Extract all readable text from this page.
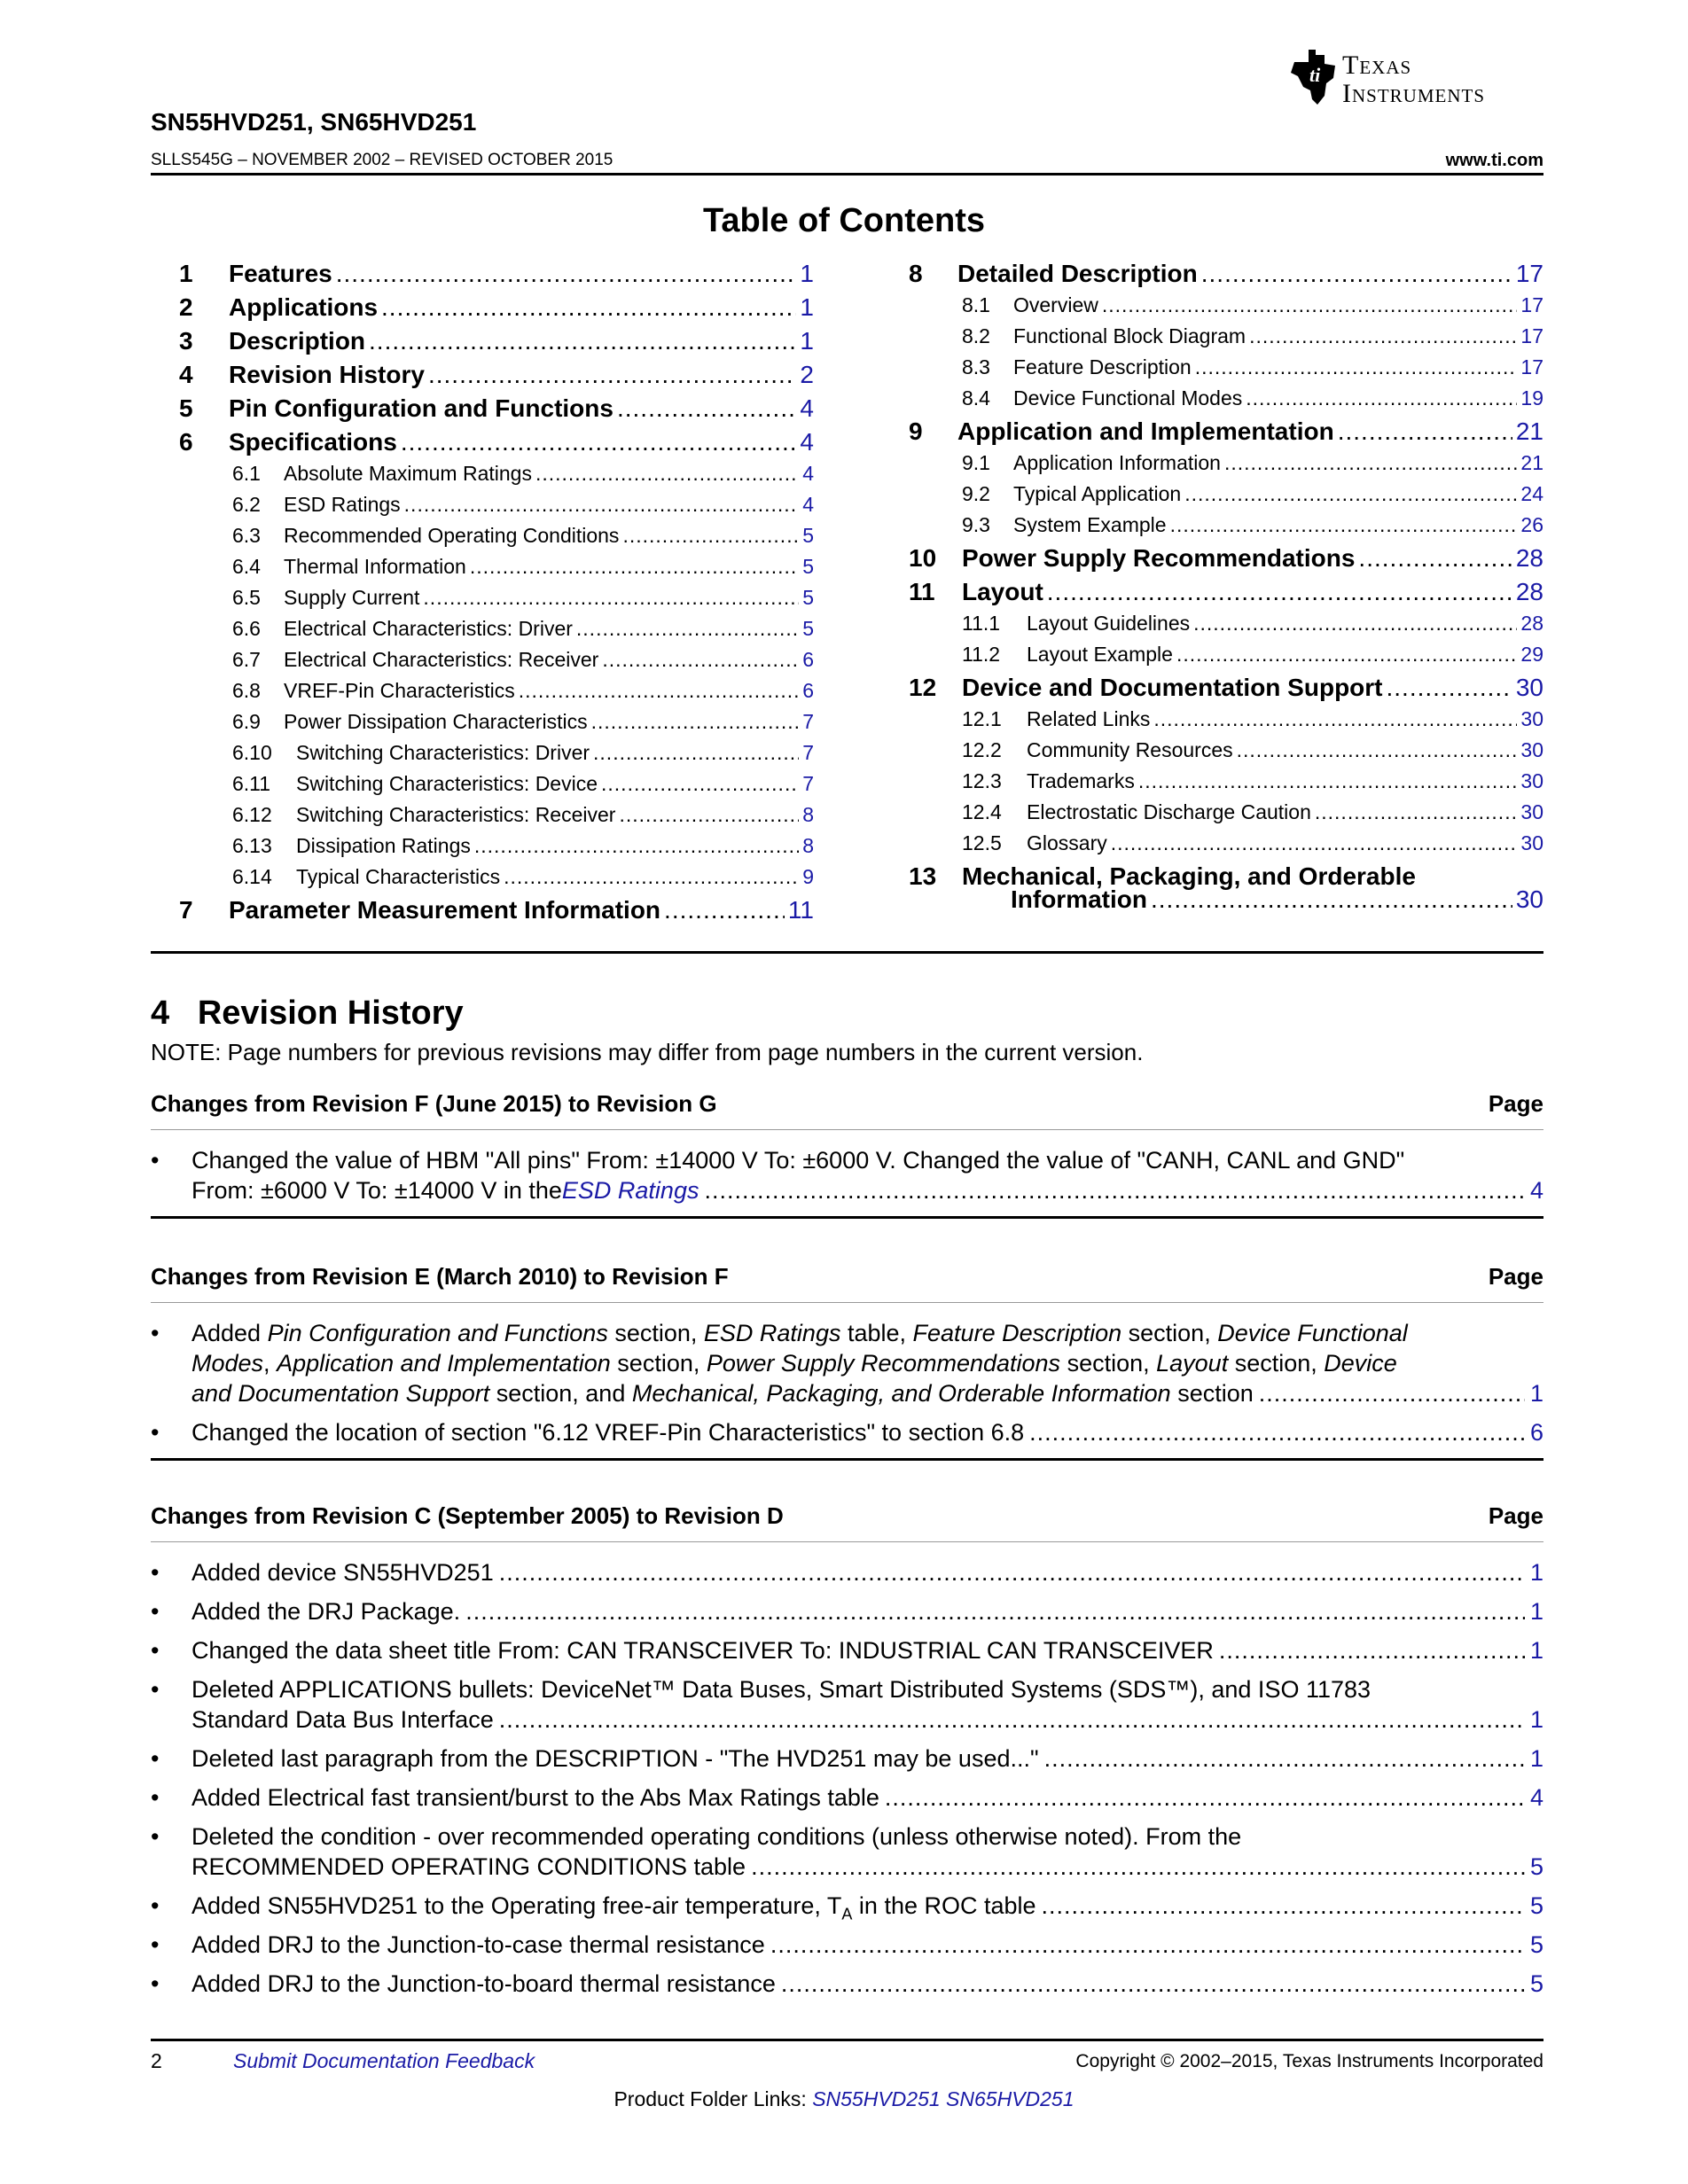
ti Texas
Instruments
SN55HVD251, SN65HVD251
SLLS545G – NOVEMBER 2002 – REVISED OCTOBER 2015	www.ti.com
Table of Contents
1	Features .....	1
2	Applications .....	1
3	Description .....	1
4	Revision History .....	2
5	Pin Configuration and Functions .....	4
6	Specifications .....	4
6.1	Absolute Maximum Ratings .....	4
6.2	ESD Ratings .....	4
6.3	Recommended Operating Conditions .....	5
6.4	Thermal Information .....	5
6.5	Supply Current .....	5
6.6	Electrical Characteristics: Driver .....	5
6.7	Electrical Characteristics: Receiver .....	6
6.8	VREF-Pin Characteristics .....	6
6.9	Power Dissipation Characteristics .....	7
6.10	Switching Characteristics: Driver .....	7
6.11	Switching Characteristics: Device .....	7
6.12	Switching Characteristics: Receiver .....	8
6.13	Dissipation Ratings .....	8
6.14	Typical Characteristics .....	9
7	Parameter Measurement Information .....	11
8	Detailed Description .....	17
8.1	Overview .....	17
8.2	Functional Block Diagram .....	17
8.3	Feature Description .....	17
8.4	Device Functional Modes .....	19
9	Application and Implementation .....	21
9.1	Application Information .....	21
9.2	Typical Application .....	24
9.3	System Example .....	26
10	Power Supply Recommendations .....	28
11	Layout .....	28
11.1	Layout Guidelines .....	28
11.2	Layout Example .....	29
12	Device and Documentation Support .....	30
12.1	Related Links .....	30
12.2	Community Resources .....	30
12.3	Trademarks .....	30
12.4	Electrostatic Discharge Caution .....	30
12.5	Glossary .....	30
13	Mechanical, Packaging, and Orderable
Information .....	30
4 Revision History
NOTE: Page numbers for previous revisions may differ from page numbers in the current version.
Changes from Revision F (June 2015) to Revision G	Page
• Changed the value of HBM "All pins" From: ±14000 V To: ±6000 V. Changed the value of "CANH, CANL and GND"
From: ±6000 V To: ±14000 V in the ESD Ratings .....	4
Changes from Revision E (March 2010) to Revision F	Page
• Added Pin Configuration and Functions section, ESD Ratings table, Feature Description section, Device Functional
Modes, Application and Implementation section, Power Supply Recommendations section, Layout section, Device
and Documentation Support section, and Mechanical, Packaging, and Orderable Information section .....	1
• Changed the location of section "6.12 VREF-Pin Characteristics" to section 6.8 .....	6
Changes from Revision C (September 2005) to Revision D	Page
• Added device SN55HVD251 .....	1
• Added the DRJ Package. .....	1
• Changed the data sheet title From: CAN TRANSCEIVER To: INDUSTRIAL CAN TRANSCEIVER .....	1
• Deleted APPLICATIONS bullets: DeviceNet™ Data Buses, Smart Distributed Systems (SDS™), and ISO 11783
Standard Data Bus Interface .....	1
• Deleted last paragraph from the DESCRIPTION - "The HVD251 may be used..." .....	1
• Added Electrical fast transient/burst to the Abs Max Ratings table .....	4
• Deleted the condition - over recommended operating conditions (unless otherwise noted). From the
RECOMMENDED OPERATING CONDITIONS table .....	5
• Added SN55HVD251 to the Operating free-air temperature, $T_A$ in the ROC table .....	5
• Added DRJ to the Junction-to-case thermal resistance .....	5
• Added DRJ to the Junction-to-board thermal resistance .....	5
2	Submit Documentation Feedback	Copyright © 2002–2015, Texas Instruments Incorporated
Product Folder Links: SN55HVD251 SN65HVD251
